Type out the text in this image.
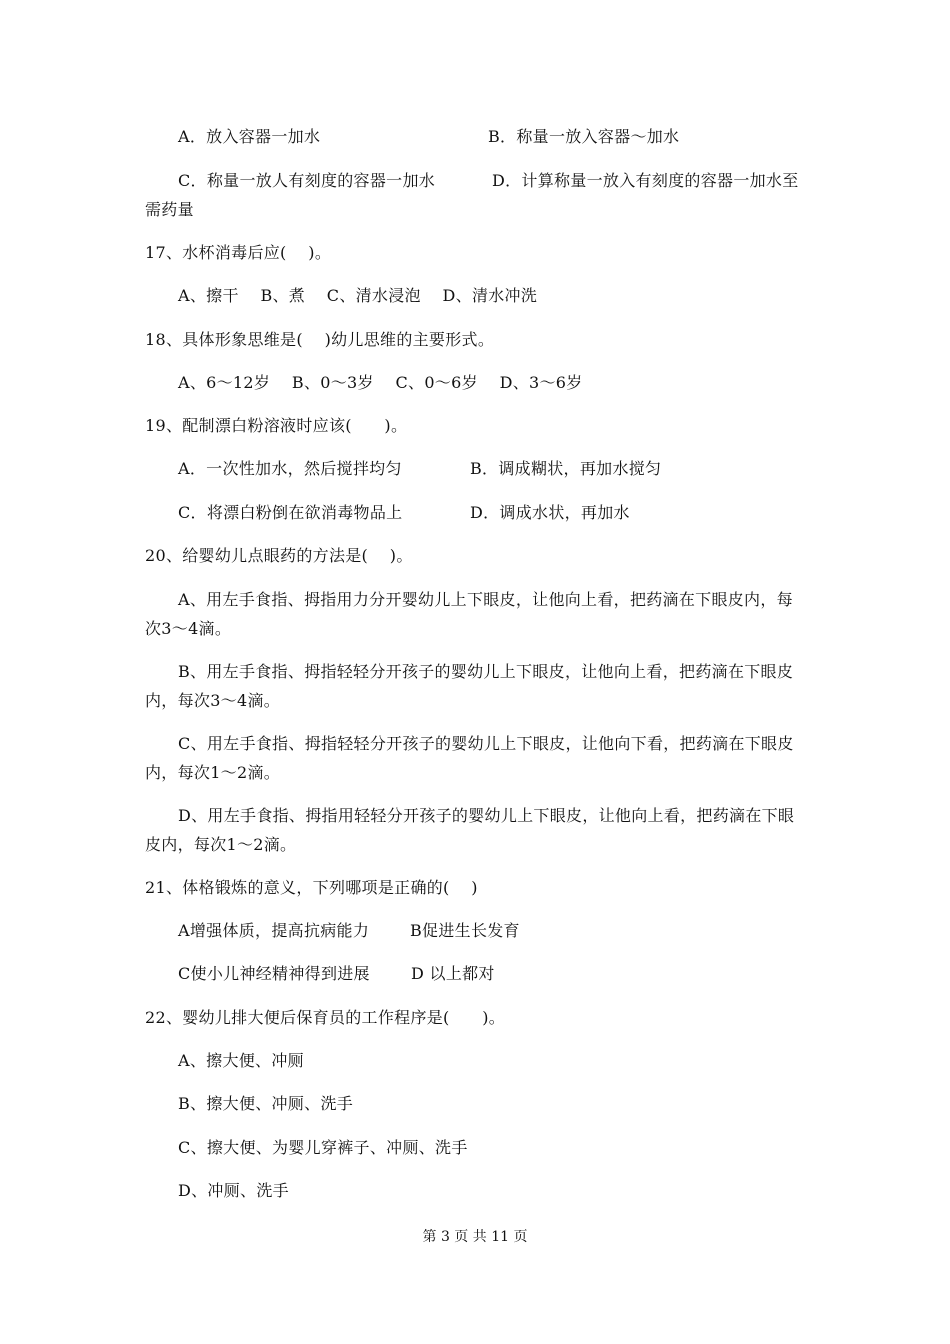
A．放入容器一加水	B．称量一放入容器～加水
C．称量一放人有刻度的容器一加水	D．计算称量一放入有刻度的容器一加水至
需药量
17、水杯消毒后应(　 )。
A、擦干　 B、煮　 C、清水浸泡　 D、清水冲洗
18、具体形象思维是(　 )幼儿思维的主要形式。
A、6～12岁　 B、0～3岁　 C、0～6岁　 D、3～6岁
19、配制漂白粉溶液时应该(　　)。
A．一次性加水，然后搅拌均匀	B．调成糊状，再加水搅匀
C．将漂白粉倒在欲消毒物品上	D．调成水状，再加水
20、给婴幼儿点眼药的方法是(　 )。
A、用左手食指、拇指用力分开婴幼儿上下眼皮，让他向上看，把药滴在下眼皮内，每
次3～4滴。
B、用左手食指、拇指轻轻分开孩子的婴幼儿上下眼皮，让他向上看，把药滴在下眼皮
内，每次3～4滴。
C、用左手食指、拇指轻轻分开孩子的婴幼儿上下眼皮，让他向下看，把药滴在下眼皮
内，每次1～2滴。
D、用左手食指、拇指用轻轻分开孩子的婴幼儿上下眼皮，让他向上看，把药滴在下眼
皮内，每次1～2滴。
21、体格锻炼的意义，下列哪项是正确的(　 )
A增强体质，提高抗病能力	B促进生长发育
C使小儿神经精神得到进展	D 以上都对
22、婴幼儿排大便后保育员的工作程序是(　　)。
A、擦大便、冲厕
B、擦大便、冲厕、洗手
C、擦大便、为婴儿穿裤子、冲厕、洗手
D、冲厕、洗手
第 3 页 共 11 页
